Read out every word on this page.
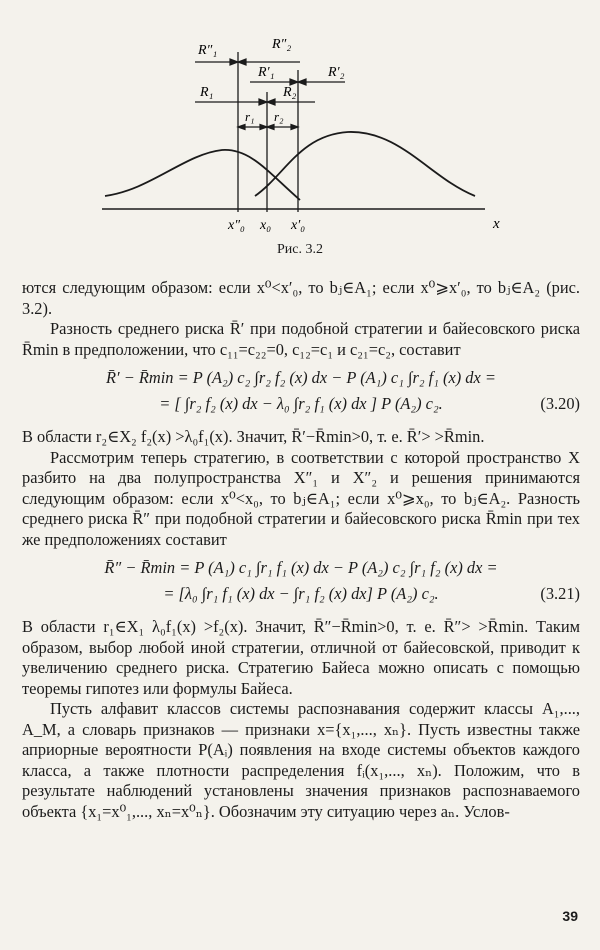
x
R″₁	R″₂
R′₁	R′₂
R₁	R₂
r₁ r₂
x″₀ x₀ x′₀
Рис. 3.2

ются следующим образом: если x⁰<x′₀, то bⱼ∈A₁; если x⁰⩾x′₀, то bⱼ∈A₂ (рис. 3.2).

Разность среднего риска R̄′ при подобной стратегии и байесовского риска R̄min в предположении, что c₁₁=c₂₂=0, c₁₂=c₁ и c₂₁=c₂, составит

R̄′ − R̄min = P (A₂) c₂ ∫r₂ f₂ (x) dx − P (A₁) c₁ ∫r₂ f₁ (x) dx =
= [ ∫r₂ f₂ (x) dx − λ₀ ∫r₂ f₁ (x) dx ] P (A₂) c₂.	(3.20)

В области r₂∈X₂ f₂(x) >λ₀f₁(x). Значит, R̄′−R̄min>0, т. е. R̄′> >R̄min.

Рассмотрим теперь стратегию, в соответствии с которой пространство X разбито на два полупространства X″₁ и X″₂ и решения принимаются следующим образом: если x⁰<x₀, то bⱼ∈A₁; если x⁰⩾x₀, то bⱼ∈A₂. Разность среднего риска R̄″ при подобной стратегии и байесовского риска R̄min при тех же предположениях составит

R̄″ − R̄min = P (A₁) c₁ ∫r₁ f₁ (x) dx − P (A₂) c₂ ∫r₁ f₂ (x) dx =
= [λ₀ ∫r₁ f₁ (x) dx − ∫r₁ f₂ (x) dx] P (A₂) c₂.	(3.21)

В области r₁∈X₁ λ₀f₁(x) >f₂(x). Значит, R̄″−R̄min>0, т. е. R̄″> >R̄min. Таким образом, выбор любой иной стратегии, отличной от байесовской, приводит к увеличению среднего риска. Стратегию Байеса можно описать с помощью теоремы гипотез или формулы Байеса.

Пусть алфавит классов системы распознавания содержит классы A₁,..., A_M, а словарь признаков — признаки x={x₁,..., xₙ}. Пусть известны также априорные вероятности P(Aᵢ) появления на входе системы объектов каждого класса, а также плотности распределения fᵢ(x₁,..., xₙ). Положим, что в результате наблюдений установлены значения признаков распознаваемого объекта {x₁=x⁰₁,..., xₙ=x⁰ₙ}. Обозначим эту ситуацию через aₙ. Услов-

39
